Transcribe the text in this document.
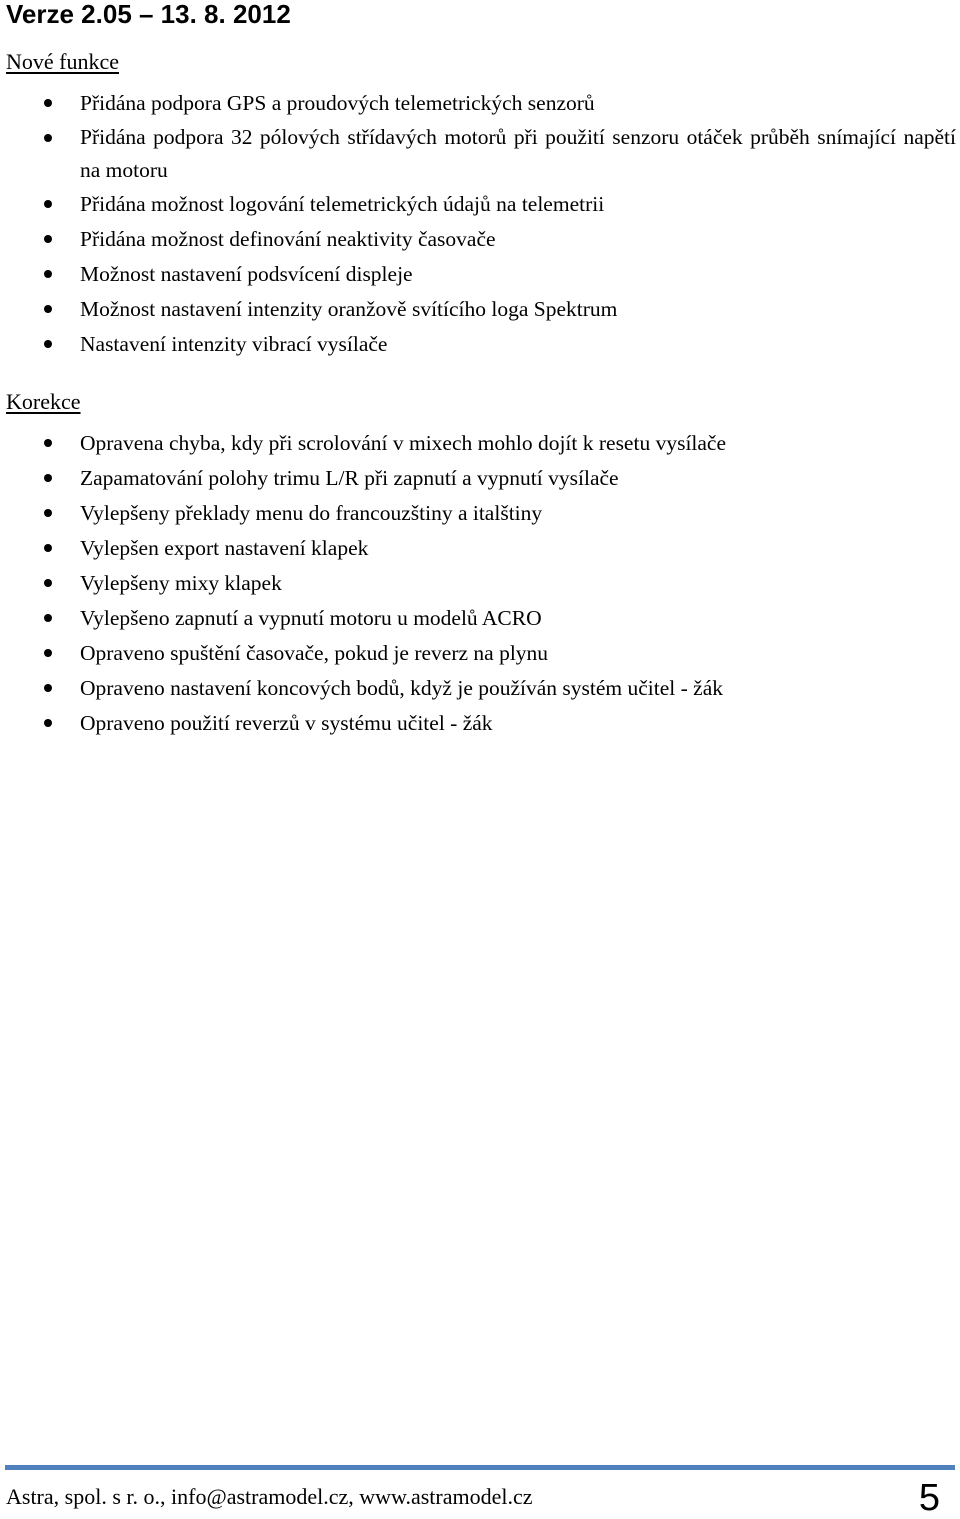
Verze 2.05 – 13. 8. 2012
Nové funkce
Přidána podpora GPS a proudových telemetrických senzorů
Přidána podpora 32 pólových střídavých motorů při použití senzoru otáček průběh snímající napětí na motoru
Přidána možnost logování telemetrických údajů na telemetrii
Přidána možnost definování neaktivity časovače
Možnost nastavení podsvícení displeje
Možnost nastavení intenzity oranžově svítícího loga Spektrum
Nastavení intenzity vibrací vysílače
Korekce
Opravena chyba, kdy při scrolování v mixech mohlo dojít k resetu vysílače
Zapamatování polohy trimu L/R při zapnutí a vypnutí vysílače
Vylepšeny překlady menu do francouzštiny a italštiny
Vylepšen export nastavení klapek
Vylepšeny mixy klapek
Vylepšeno zapnutí a vypnutí motoru u modelů ACRO
Opraveno spuštění časovače, pokud je reverz na plynu
Opraveno nastavení koncových bodů, když je používán systém učitel - žák
Opraveno použití reverzů v systému učitel - žák
Astra, spol. s r. o., info@astramodel.cz, www.astramodel.cz	5
